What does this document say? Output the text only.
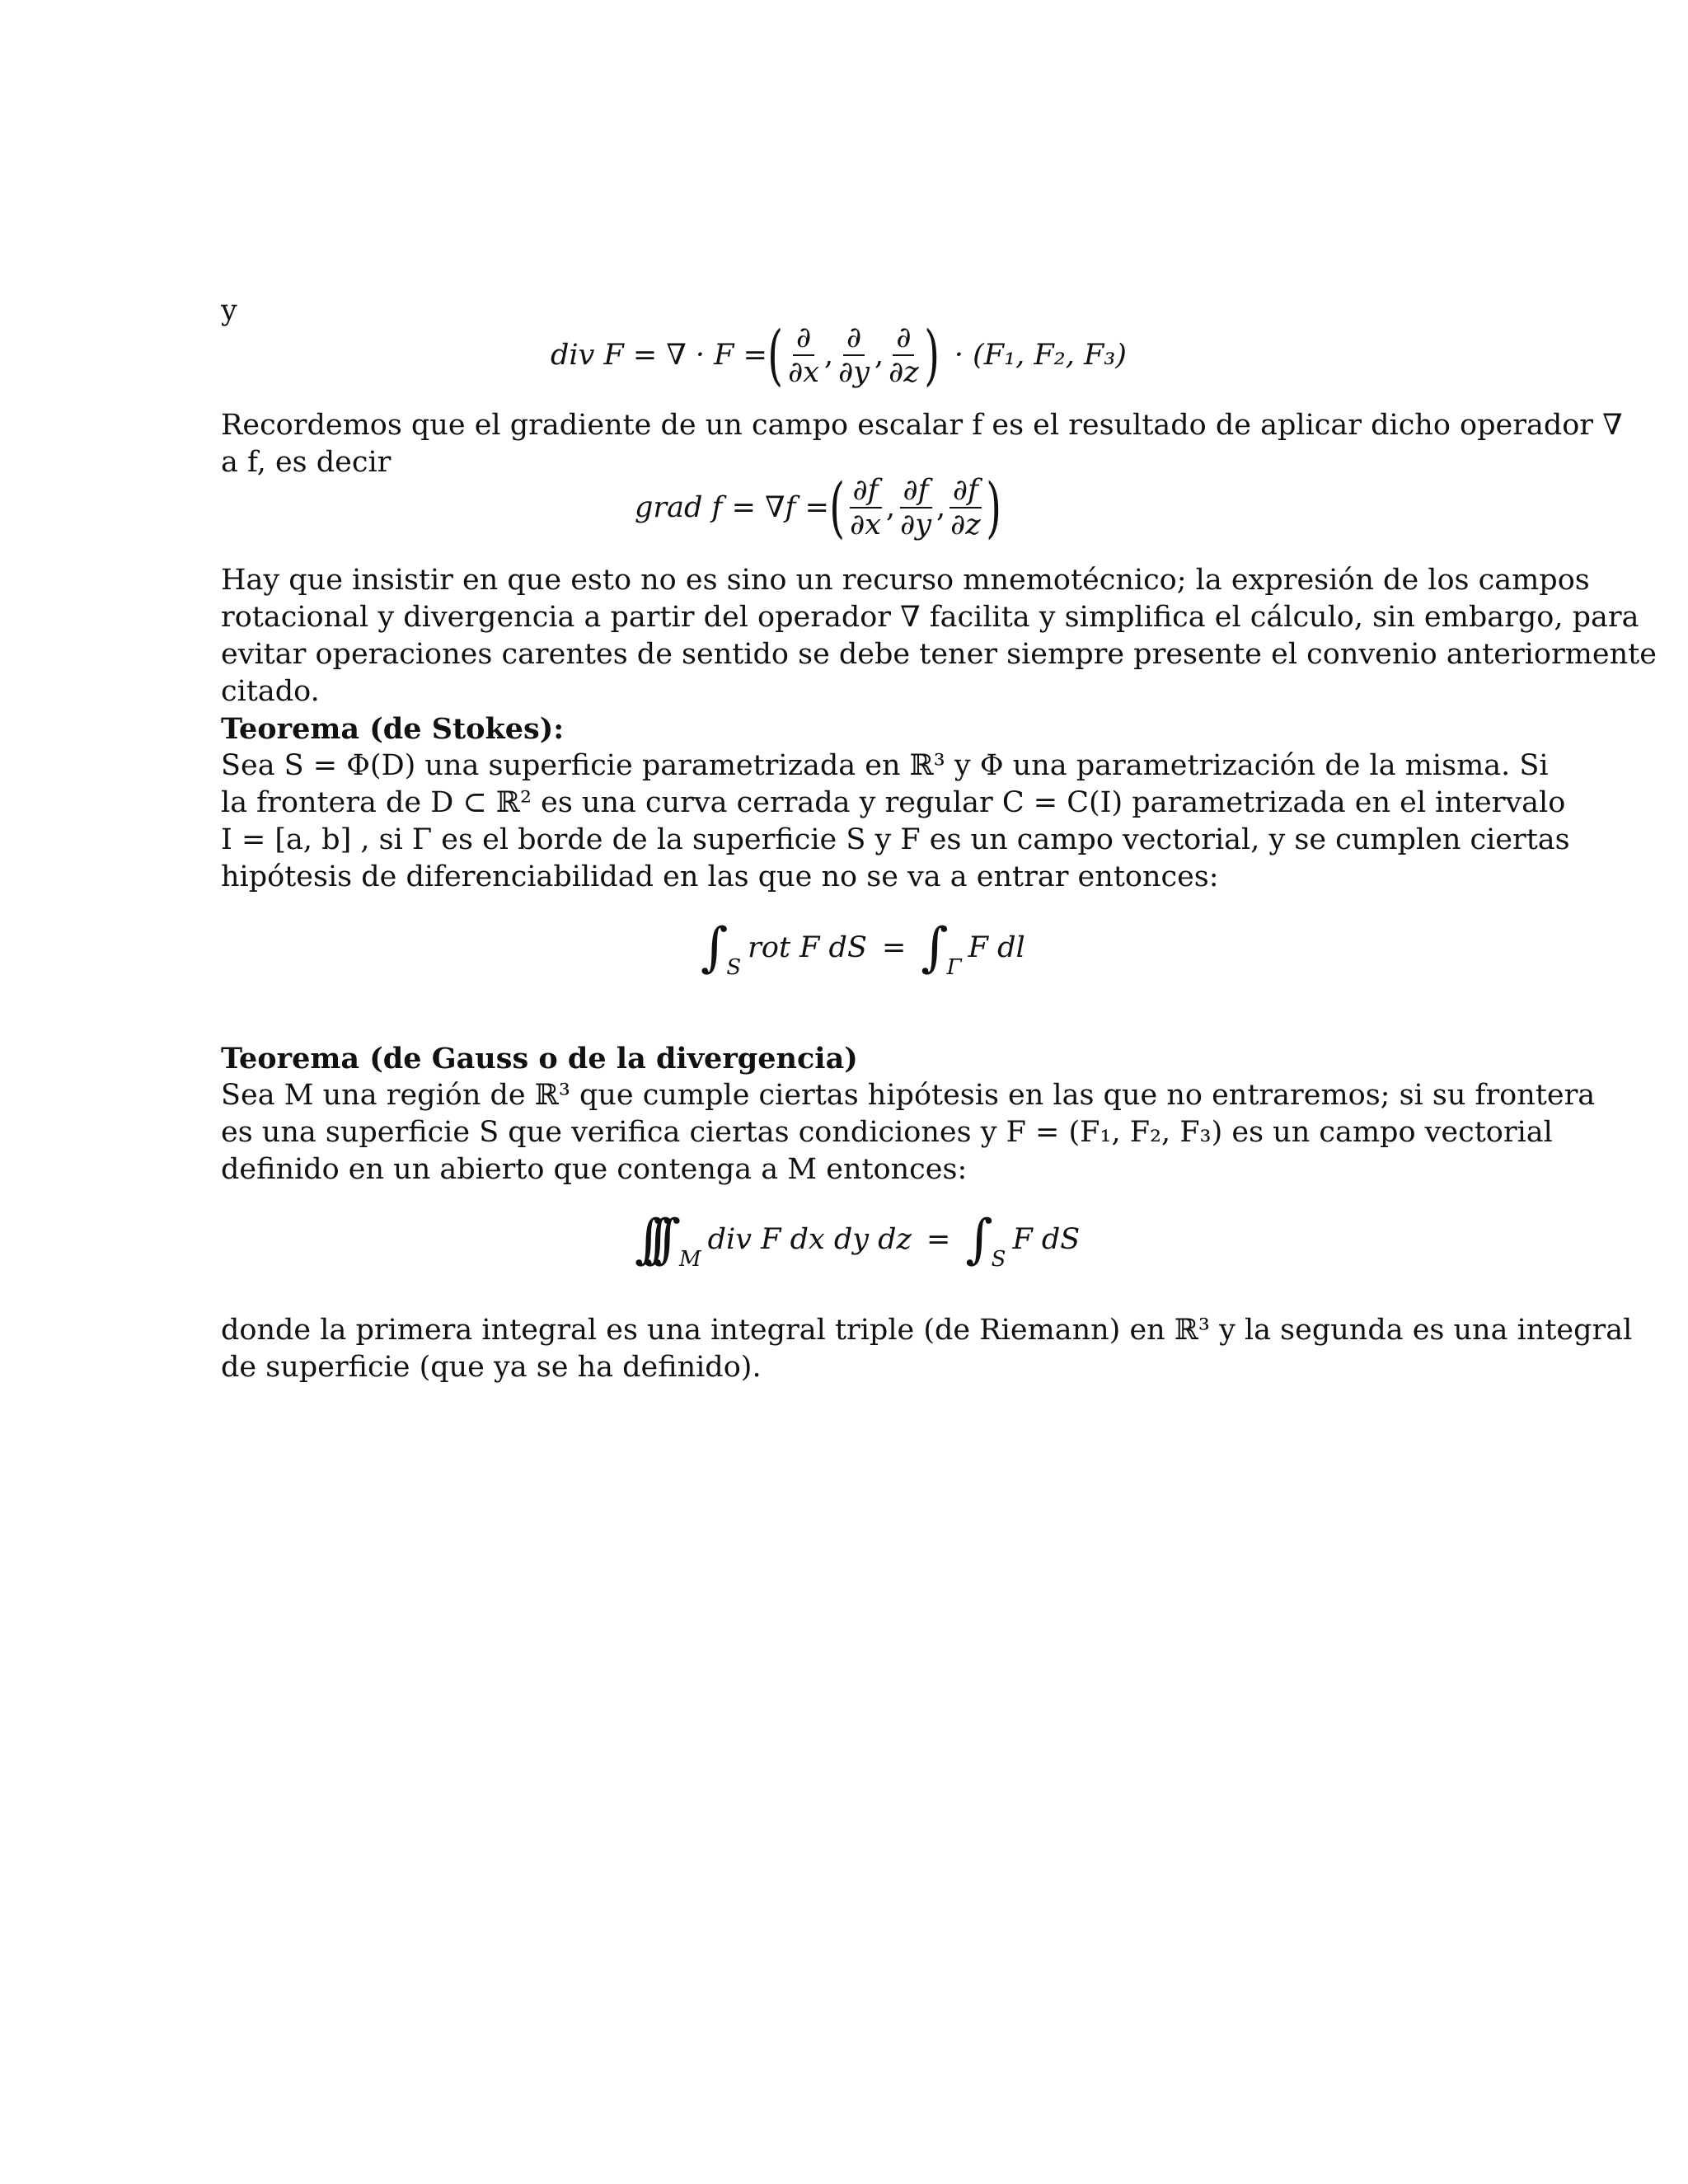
y
div F = ∇ · F = ( $\frac{\partial}{\partial x}$ , $\frac{\partial}{\partial y}$ , $\frac{\partial}{\partial z}$ ) · (F₁, F₂, F₃)
Recordemos que el gradiente de un campo escalar f es el resultado de aplicar dicho operador ∇
a f, es decir
grad f = ∇f = ( $\frac{\partial f}{\partial x}$ , $\frac{\partial f}{\partial y}$ , $\frac{\partial f}{\partial z}$ )
Hay que insistir en que esto no es sino un recurso mnemotécnico; la expresión de los campos
rotacional y divergencia a partir del operador ∇ facilita y simplifica el cálculo, sin embargo, para
evitar operaciones carentes de sentido se debe tener siempre presente el convenio anteriormente
citado.
Teorema (de Stokes):
Sea S = Φ(D) una superficie parametrizada en ℝ³ y Φ una parametrización de la misma. Si
la frontera de D ⊂ ℝ² es una curva cerrada y regular C = C(I) parametrizada en el intervalo
I = [a, b] , si Γ es el borde de la superficie S y F es un campo vectorial, y se cumplen ciertas
hipótesis de diferenciabilidad en las que no se va a entrar entonces:
∫
S
rot F dS = ∫
Γ
F dl
Teorema (de Gauss o de la divergencia)
Sea M una región de ℝ³ que cumple ciertas hipótesis en las que no entraremos; si su frontera
es una superficie S que verifica ciertas condiciones y F = (F₁, F₂, F₃) es un campo vectorial
definido en un abierto que contenga a M entonces:
∫∫∫ M
div F dx dy dz = ∫
S
F dS
donde la primera integral es una integral triple (de Riemann) en ℝ³ y la segunda es una integral
de superficie (que ya se ha definido).
